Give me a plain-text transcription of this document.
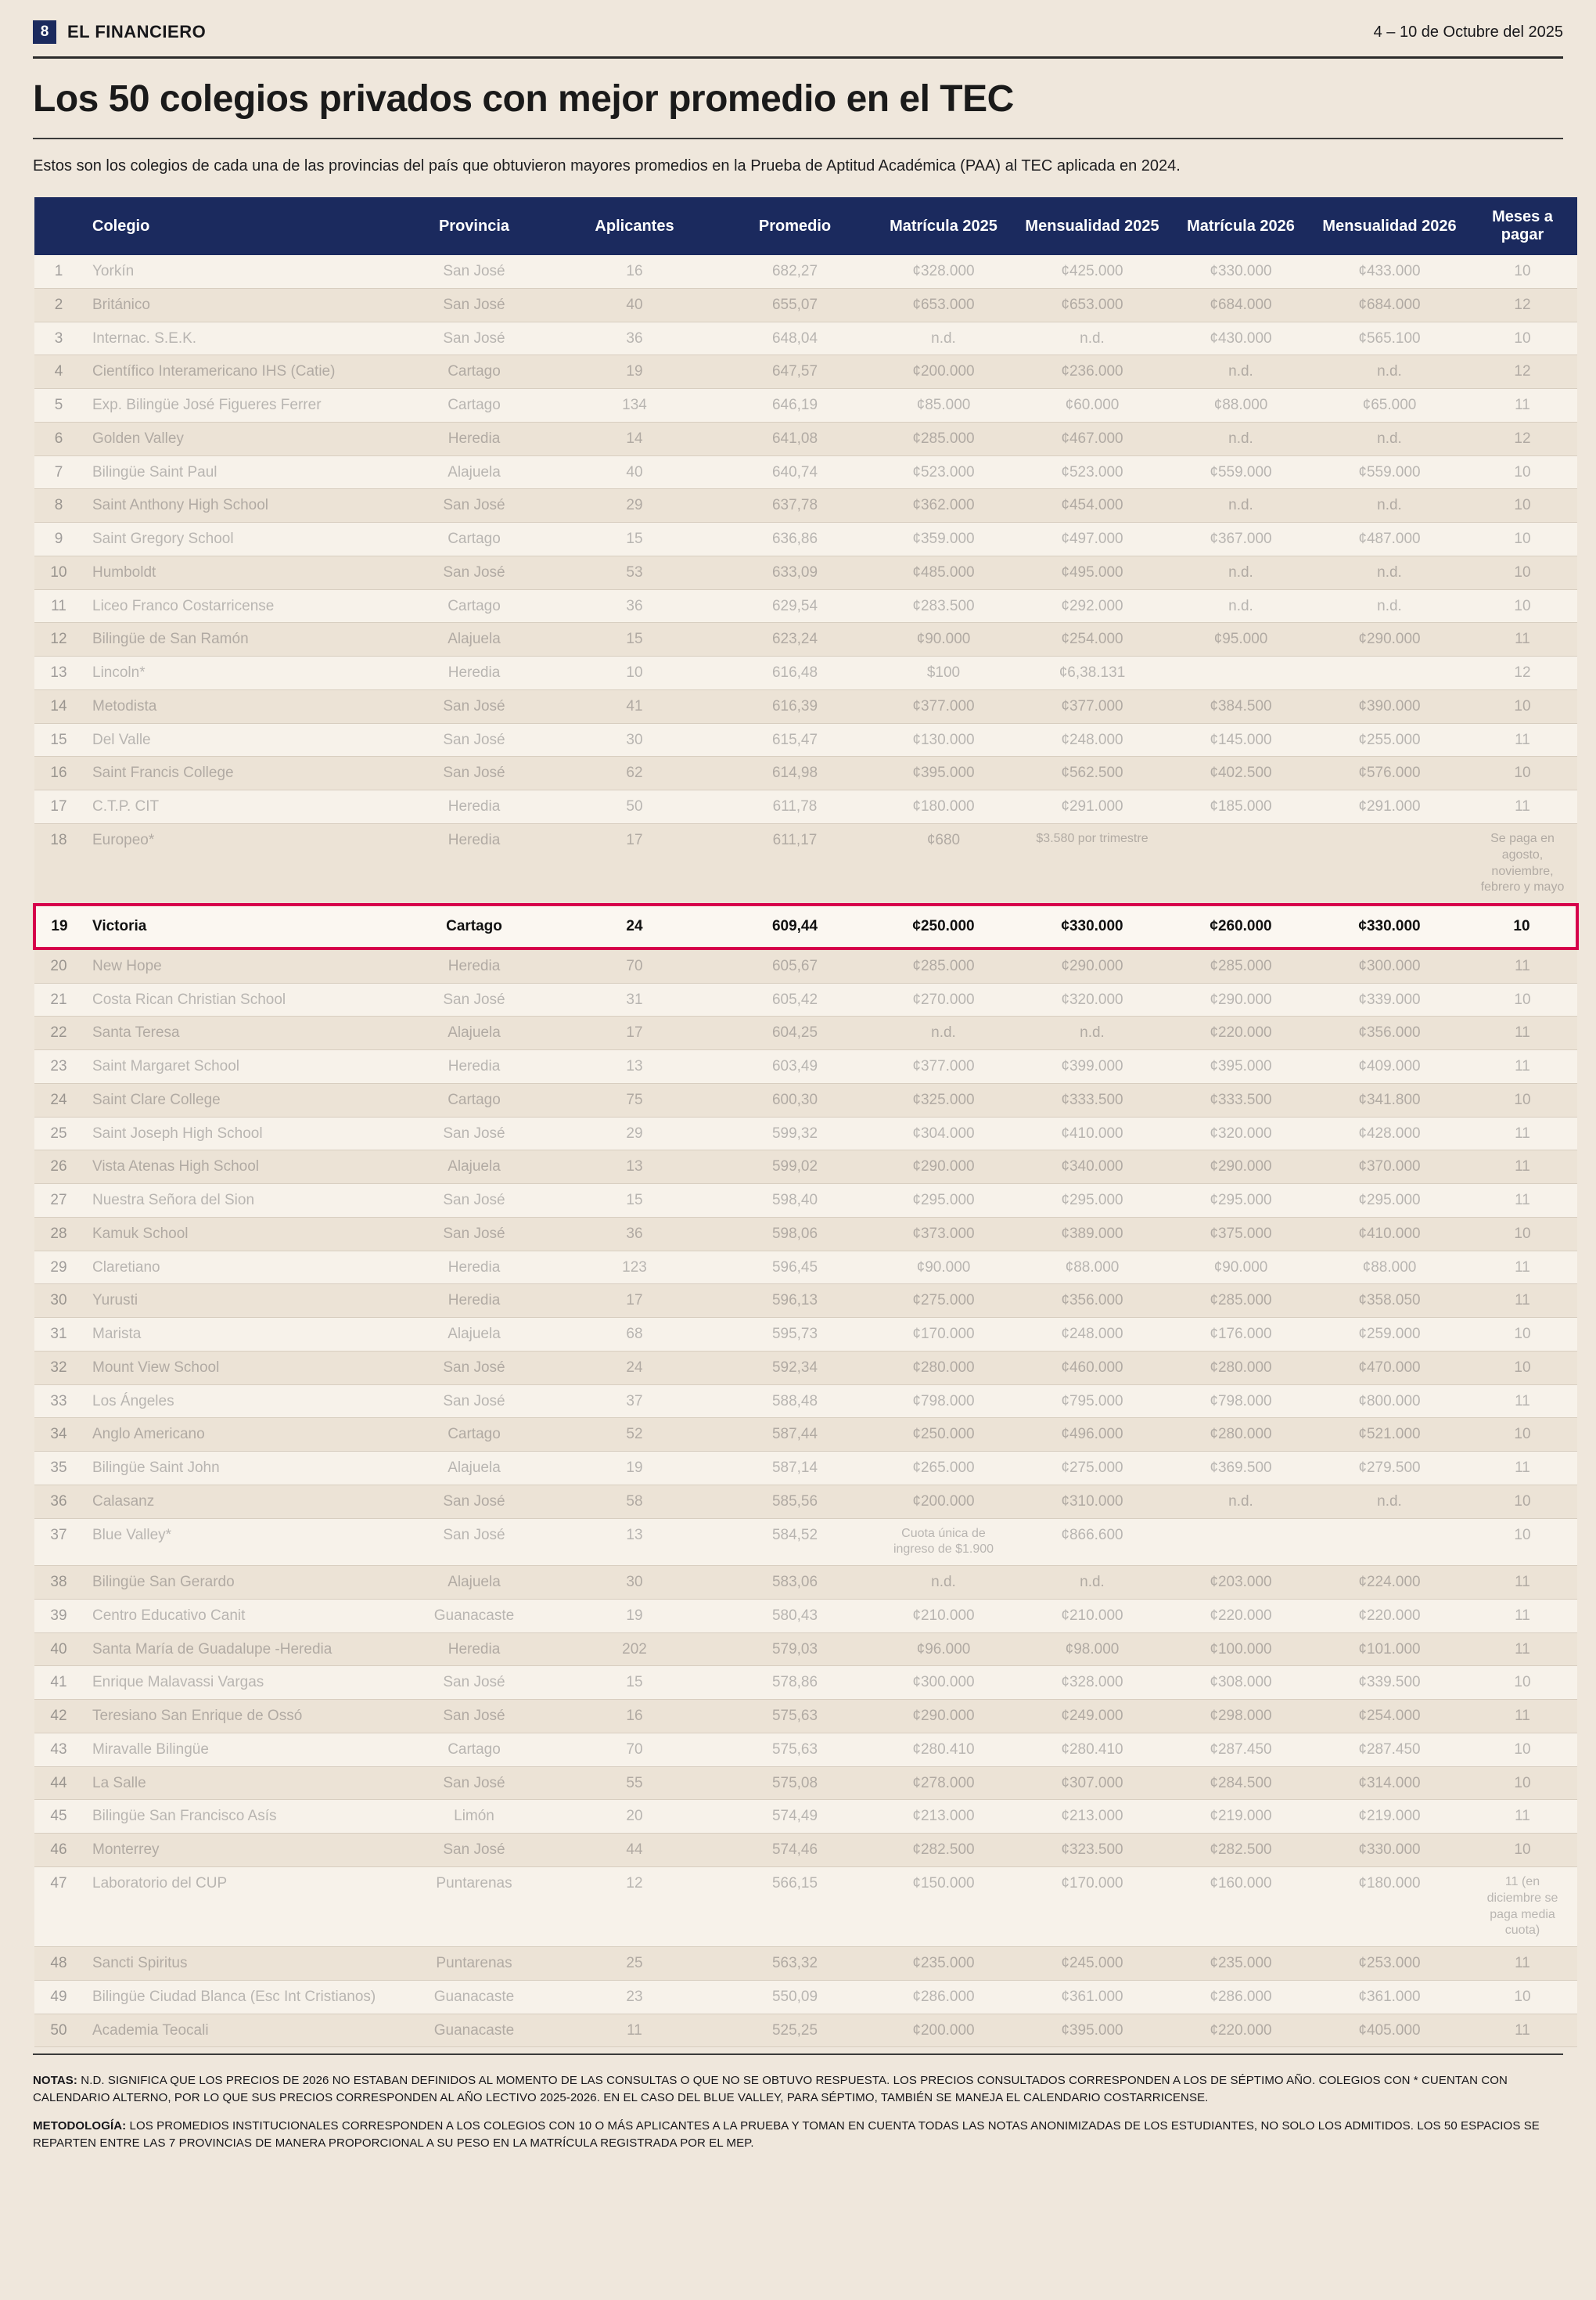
8	EL FINANCIERO	4 – 10 de Octubre del 2025
Los 50 colegios privados con mejor promedio en el TEC

Estos son los colegios de cada una de las provincias del país que obtuvieron mayores promedios en la Prueba de Aptitud Académica (PAA) al TEC aplicada en 2024.

	Colegio	Provincia	Aplicantes	Promedio	Matrícula 2025	Mensualidad 2025	Matrícula 2026	Mensualidad 2026	Meses a pagar
1	Yorkín	San José	16	682,27	¢328.000	¢425.000	¢330.000	¢433.000	10
2	Británico	San José	40	655,07	¢653.000	¢653.000	¢684.000	¢684.000	12
3	Internac. S.E.K.	San José	36	648,04	n.d.	n.d.	¢430.000	¢565.100	10
4	Científico Interamericano IHS (Catie)	Cartago	19	647,57	¢200.000	¢236.000	n.d.	n.d.	12
5	Exp. Bilingüe José Figueres Ferrer	Cartago	134	646,19	¢85.000	¢60.000	¢88.000	¢65.000	11
6	Golden Valley	Heredia	14	641,08	¢285.000	¢467.000	n.d.	n.d.	12
7	Bilingüe Saint Paul	Alajuela	40	640,74	¢523.000	¢523.000	¢559.000	¢559.000	10
8	Saint Anthony High School	San José	29	637,78	¢362.000	¢454.000	n.d.	n.d.	10
9	Saint Gregory School	Cartago	15	636,86	¢359.000	¢497.000	¢367.000	¢487.000	10
10	Humboldt	San José	53	633,09	¢485.000	¢495.000	n.d.	n.d.	10
11	Liceo Franco Costarricense	Cartago	36	629,54	¢283.500	¢292.000	n.d.	n.d.	10
12	Bilingüe de San Ramón	Alajuela	15	623,24	¢90.000	¢254.000	¢95.000	¢290.000	11
13	Lincoln*	Heredia	10	616,48	$100	¢6,38.131			12
14	Metodista	San José	41	616,39	¢377.000	¢377.000	¢384.500	¢390.000	10
15	Del Valle	San José	30	615,47	¢130.000	¢248.000	¢145.000	¢255.000	11
16	Saint Francis College	San José	62	614,98	¢395.000	¢562.500	¢402.500	¢576.000	10
17	C.T.P. CIT	Heredia	50	611,78	¢180.000	¢291.000	¢185.000	¢291.000	11
18	Europeo*	Heredia	17	611,17	¢680	$3.580 por trimestre			Se paga en agosto, noviembre, febrero y mayo

19	Victoria	Cartago	24	609,44	¢250.000	¢330.000	¢260.000	¢330.000	10
20	New Hope	Heredia	70	605,67	¢285.000	¢290.000	¢285.000	¢300.000	11
21	Costa Rican Christian School	San José	31	605,42	¢270.000	¢320.000	¢290.000	¢339.000	10
22	Santa Teresa	Alajuela	17	604,25	n.d.	n.d.	¢220.000	¢356.000	11
23	Saint Margaret School	Heredia	13	603,49	¢377.000	¢399.000	¢395.000	¢409.000	11
24	Saint Clare College	Cartago	75	600,30	¢325.000	¢333.500	¢333.500	¢341.800	10
25	Saint Joseph High School	San José	29	599,32	¢304.000	¢410.000	¢320.000	¢428.000	11
26	Vista Atenas High School	Alajuela	13	599,02	¢290.000	¢340.000	¢290.000	¢370.000	11
27	Nuestra Señora del Sion	San José	15	598,40	¢295.000	¢295.000	¢295.000	¢295.000	11
28	Kamuk School	San José	36	598,06	¢373.000	¢389.000	¢375.000	¢410.000	10
29	Claretiano	Heredia	123	596,45	¢90.000	¢88.000	¢90.000	¢88.000	11
30	Yurusti	Heredia	17	596,13	¢275.000	¢356.000	¢285.000	¢358.050	11
31	Marista	Alajuela	68	595,73	¢170.000	¢248.000	¢176.000	¢259.000	10
32	Mount View School	San José	24	592,34	¢280.000	¢460.000	¢280.000	¢470.000	10
33	Los Ángeles	San José	37	588,48	¢798.000	¢795.000	¢798.000	¢800.000	11
34	Anglo Americano	Cartago	52	587,44	¢250.000	¢496.000	¢280.000	¢521.000	10
35	Bilingüe Saint John	Alajuela	19	587,14	¢265.000	¢275.000	¢369.500	¢279.500	11
36	Calasanz	San José	58	585,56	¢200.000	¢310.000	n.d.	n.d.	10
37	Blue Valley*	San José	13	584,52	Cuota única de ingreso de $1.900	¢866.600			10
38	Bilingüe San Gerardo	Alajuela	30	583,06	n.d.	n.d.	¢203.000	¢224.000	11
39	Centro Educativo Canit	Guanacaste	19	580,43	¢210.000	¢210.000	¢220.000	¢220.000	11
40	Santa María de Guadalupe -Heredia	Heredia	202	579,03	¢96.000	¢98.000	¢100.000	¢101.000	11
41	Enrique Malavassi Vargas	San José	15	578,86	¢300.000	¢328.000	¢308.000	¢339.500	10
42	Teresiano San Enrique de Ossó	San José	16	575,63	¢290.000	¢249.000	¢298.000	¢254.000	11
43	Miravalle Bilingüe	Cartago	70	575,63	¢280.410	¢280.410	¢287.450	¢287.450	10
44	La Salle	San José	55	575,08	¢278.000	¢307.000	¢284.500	¢314.000	10
45	Bilingüe San Francisco Asís	Limón	20	574,49	¢213.000	¢213.000	¢219.000	¢219.000	11
46	Monterrey	San José	44	574,46	¢282.500	¢323.500	¢282.500	¢330.000	10
47	Laboratorio del CUP	Puntarenas	12	566,15	¢150.000	¢170.000	¢160.000	¢180.000	11 (en diciembre se paga media cuota)

48	Sancti Spiritus	Puntarenas	25	563,32	¢235.000	¢245.000	¢235.000	¢253.000	11
49	Bilingüe Ciudad Blanca (Esc Int Cristianos)	Guanacaste	23	550,09	¢286.000	¢361.000	¢286.000	¢361.000	10
50	Academia Teocali	Guanacaste	11	525,25	¢200.000	¢395.000	¢220.000	¢405.000	11

NOTAS: N.D. SIGNIFICA QUE LOS PRECIOS DE 2026 NO ESTABAN DEFINIDOS AL MOMENTO DE LAS CONSULTAS O QUE NO SE OBTUVO RESPUESTA. LOS PRECIOS CONSULTADOS CORRESPONDEN A LOS DE SÉPTIMO AÑO. COLEGIOS CON * CUENTAN CON CALENDARIO ALTERNO, POR LO QUE SUS PRECIOS CORRESPONDEN AL AÑO LECTIVO 2025-2026. EN EL CASO DEL BLUE VALLEY, PARA SÉPTIMO, TAMBIÉN SE MANEJA EL CALENDARIO COSTARRICENSE.

METODOLOGÍA: LOS PROMEDIOS INSTITUCIONALES CORRESPONDEN A LOS COLEGIOS CON 10 O MÁS APLICANTES A LA PRUEBA Y TOMAN EN CUENTA TODAS LAS NOTAS ANONIMIZADAS DE LOS ESTUDIANTES, NO SOLO LOS ADMITIDOS. LOS 50 ESPACIOS SE REPARTEN ENTRE LAS 7 PROVINCIAS DE MANERA PROPORCIONAL A SU PESO EN LA MATRÍCULA REGISTRADA POR EL MEP.
